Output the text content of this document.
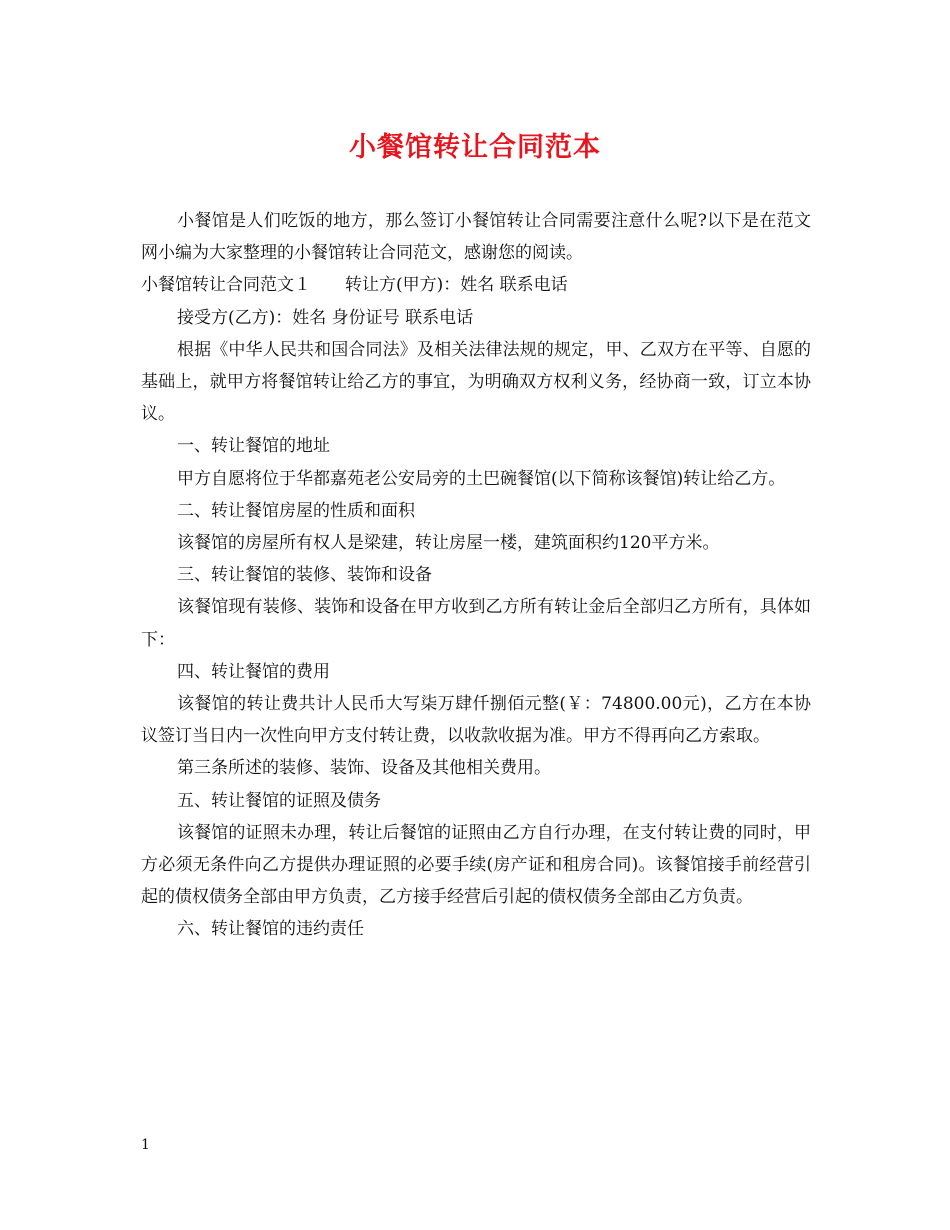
小餐馆转让合同范本

小餐馆是人们吃饭的地方，那么签订小餐馆转让合同需要注意什么呢?以下是在范文网小编为大家整理的小餐馆转让合同范文，感谢您的阅读。

小餐馆转让合同范文１　　转让方(甲方)：姓名 联系电话

接受方(乙方)：姓名 身份证号 联系电话

根据《中华人民共和国合同法》及相关法律法规的规定，甲、乙双方在平等、自愿的基础上，就甲方将餐馆转让给乙方的事宜，为明确双方权利义务，经协商一致，订立本协议。

一、转让餐馆的地址

甲方自愿将位于华都嘉苑老公安局旁的土巴碗餐馆(以下简称该餐馆)转让给乙方。

二、转让餐馆房屋的性质和面积

该餐馆的房屋所有权人是梁建，转让房屋一楼，建筑面积约120平方米。

三、转让餐馆的装修、装饰和设备

该餐馆现有装修、装饰和设备在甲方收到乙方所有转让金后全部归乙方所有，具体如下：

四、转让餐馆的费用

该餐馆的转让费共计人民币大写柒万肆仟捌佰元整(￥：74800.00元)，乙方在本协议签订当日内一次性向甲方支付转让费，以收款收据为准。甲方不得再向乙方索取。

第三条所述的装修、装饰、设备及其他相关费用。

五、转让餐馆的证照及债务

该餐馆的证照未办理，转让后餐馆的证照由乙方自行办理，在支付转让费的同时，甲方必须无条件向乙方提供办理证照的必要手续(房产证和租房合同)。该餐馆接手前经营引起的债权债务全部由甲方负责，乙方接手经营后引起的债权债务全部由乙方负责。

六、转让餐馆的违约责任

1
